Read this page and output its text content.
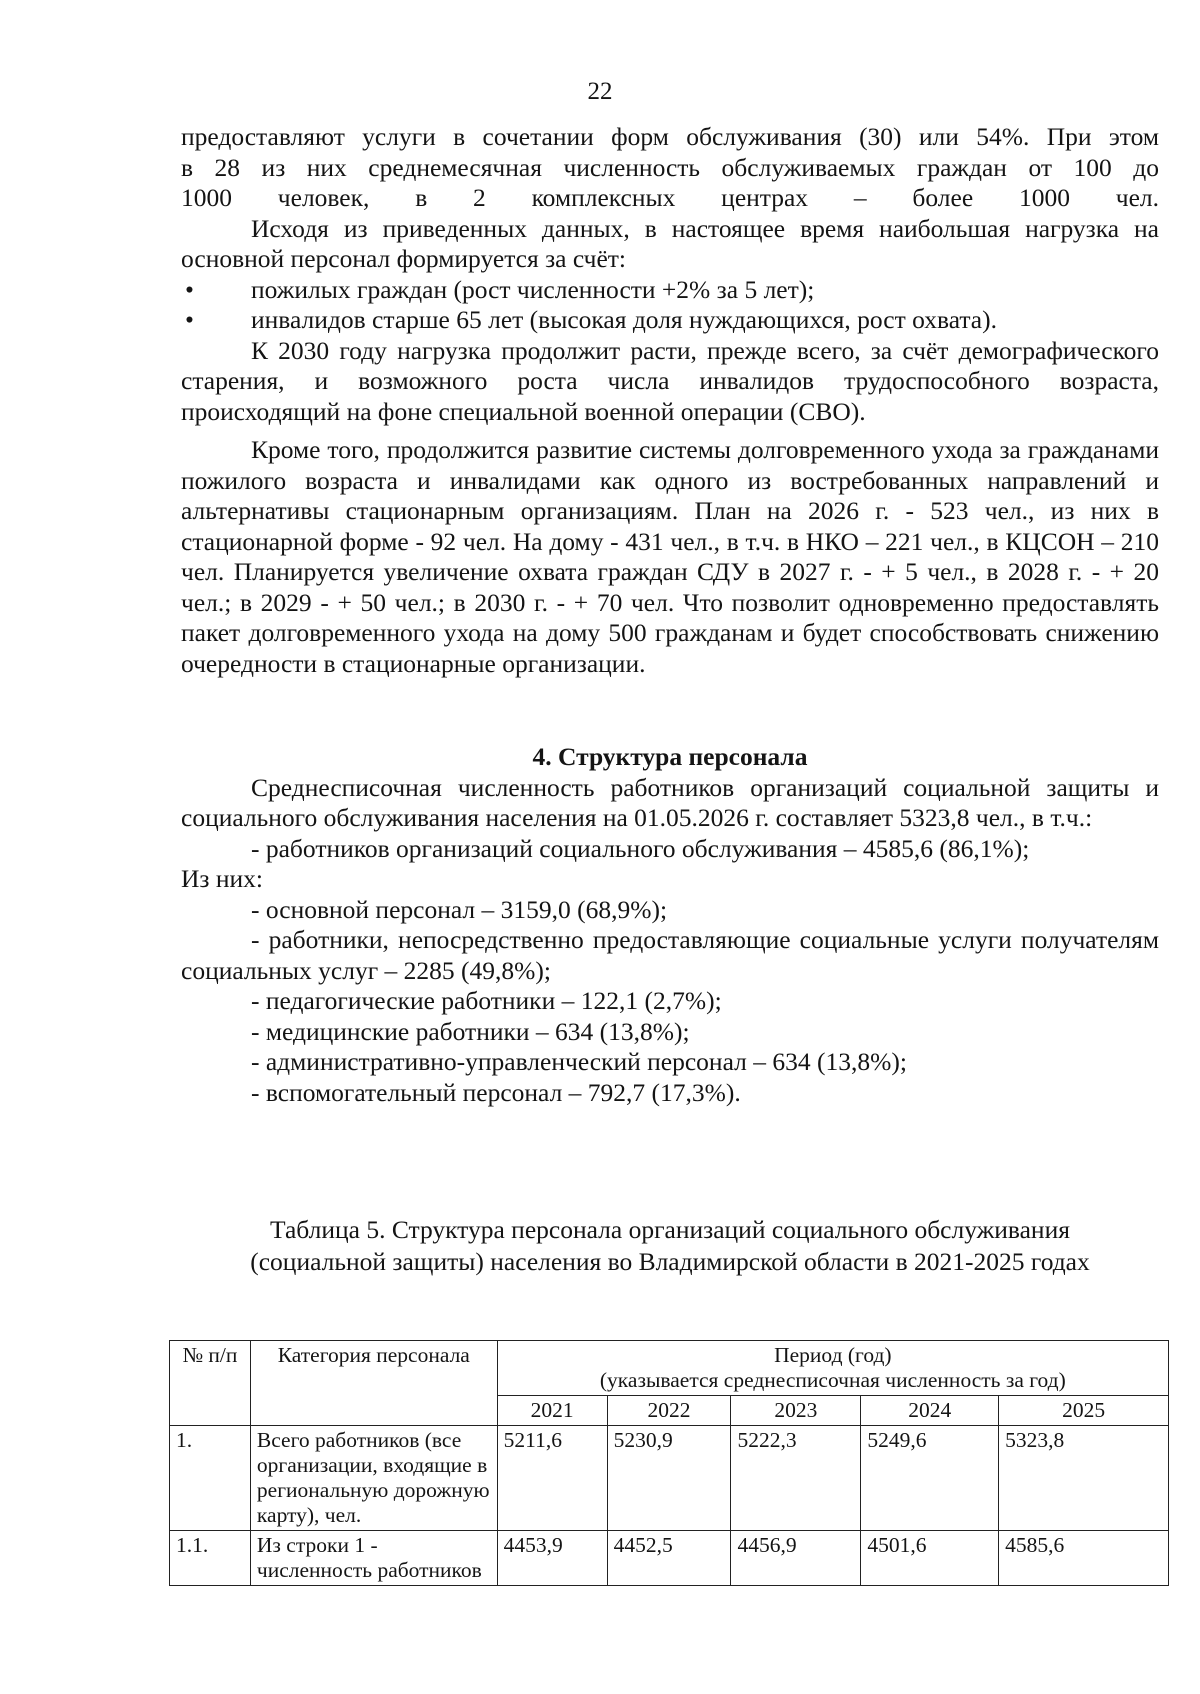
22
предоставляют услуги в сочетании форм обслуживания (30) или 54%. При этом
в 28 из них среднемесячная численность обслуживаемых граждан от 100 до
1000 человек, в 2 комплексных центрах – более 1000 чел.
Исходя из приведенных данных, в настоящее время наибольшая нагрузка на основной персонал формируется за счёт:
• пожилых граждан (рост численности +2% за 5 лет);
• инвалидов старше 65 лет (высокая доля нуждающихся, рост охвата).
К 2030 году нагрузка продолжит расти, прежде всего, за счёт демографического старения, и возможного роста числа инвалидов трудоспособного возраста, происходящий на фоне специальной военной операции (СВО).
Кроме того, продолжится развитие системы долговременного ухода за гражданами пожилого возраста и инвалидами как одного из востребованных направлений и альтернативы стационарным организациям. План на 2026 г. - 523 чел., из них в стационарной форме - 92 чел. На дому - 431 чел., в т.ч. в НКО – 221 чел., в КЦСОН – 210 чел. Планируется увеличение охвата граждан СДУ в 2027 г. - + 5 чел., в 2028 г. - + 20 чел.; в 2029 - + 50 чел.; в 2030 г. - + 70 чел. Что позволит одновременно предоставлять пакет долговременного ухода на дому 500 гражданам и будет способствовать снижению очередности в стационарные организации.
4. Структура персонала
Среднесписочная численность работников организаций социальной защиты и социального обслуживания населения на 01.05.2026 г. составляет 5323,8 чел., в т.ч.:
- работников организаций социального обслуживания – 4585,6 (86,1%);
Из них:
- основной персонал – 3159,0 (68,9%);
- работники, непосредственно предоставляющие социальные услуги получателям социальных услуг – 2285 (49,8%);
- педагогические работники – 122,1 (2,7%);
- медицинские работники – 634 (13,8%);
- административно-управленческий персонал – 634 (13,8%);
- вспомогательный персонал – 792,7 (17,3%).
Таблица 5. Структура персонала организаций социального обслуживания
(социальной защиты) населения во Владимирской области в 2021-2025 годах
№ п/п	Категория персонала	Период (год)
(указывается среднесписочная численность за год)				

		2021	2022	2023	2024	2025
1.	Всего работников (все организации, входящие в региональную дорожную карту), чел.	5211,6	5230,9	5222,3	5249,6	5323,8
1.1.	Из строки 1 - численность работников	4453,9	4452,5	4456,9	4501,6	4585,6
